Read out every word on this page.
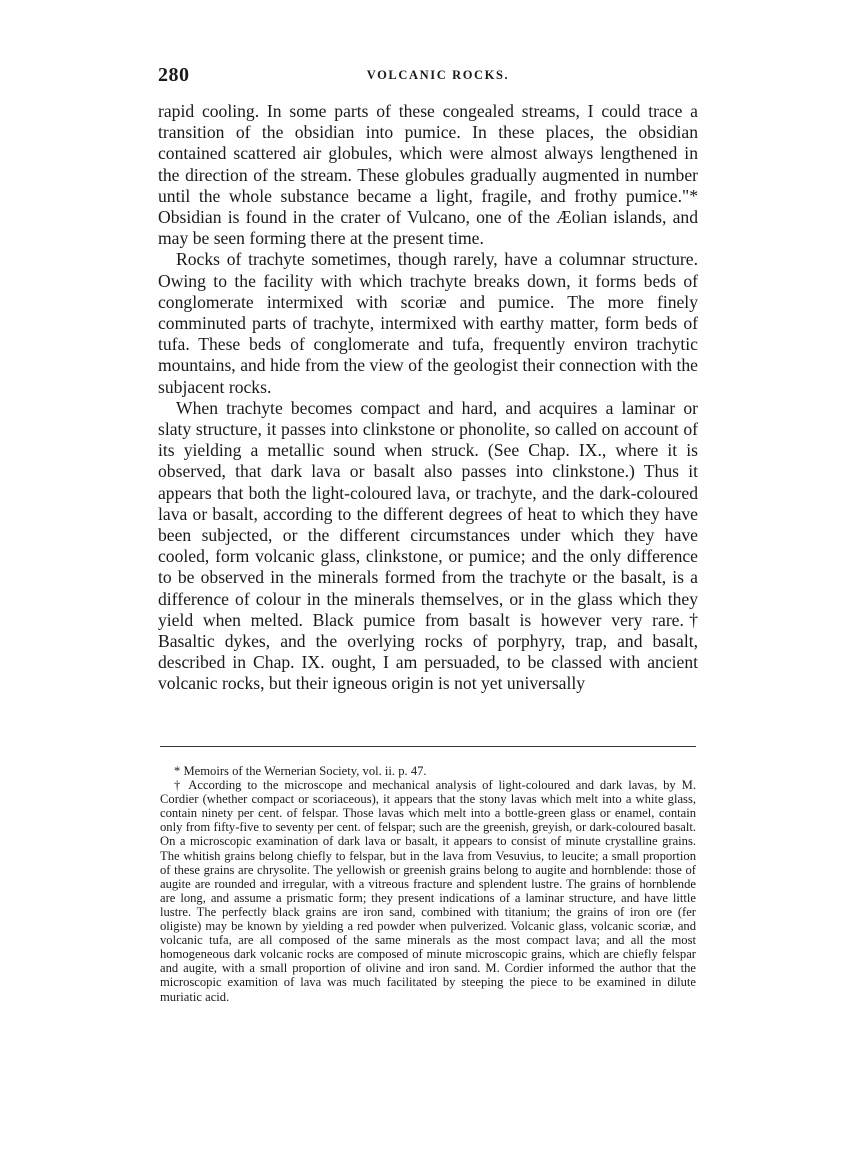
280	VOLCANIC ROCKS.

rapid cooling. In some parts of these congealed streams, I could trace a transition of the obsidian into pumice. In these places, the obsidian contained scattered air globules, which were almost always lengthened in the direction of the stream. These globules gradually augmented in number until the whole substance became a light, fragile, and frothy pumice."* Obsidian is found in the crater of Vulcano, one of the Æolian islands, and may be seen forming there at the present time.

Rocks of trachyte sometimes, though rarely, have a columnar structure. Owing to the facility with which trachyte breaks down, it forms beds of conglomerate intermixed with scoriæ and pumice. The more finely comminuted parts of trachyte, intermixed with earthy matter, form beds of tufa. These beds of conglomerate and tufa, frequently environ trachytic mountains, and hide from the view of the geologist their connection with the subjacent rocks.

When trachyte becomes compact and hard, and acquires a laminar or slaty structure, it passes into clinkstone or phonolite, so called on account of its yielding a metallic sound when struck. (See Chap. IX., where it is observed, that dark lava or basalt also passes into clinkstone.) Thus it appears that both the light-coloured lava, or trachyte, and the dark-coloured lava or basalt, according to the different degrees of heat to which they have been subjected, or the different circumstances under which they have cooled, form volcanic glass, clinkstone, or pumice; and the only difference to be observed in the minerals formed from the trachyte or the basalt, is a difference of colour in the minerals themselves, or in the glass which they yield when melted. Black pumice from basalt is however very rare.† Basaltic dykes, and the overlying rocks of porphyry, trap, and basalt, described in Chap. IX. ought, I am persuaded, to be classed with ancient volcanic rocks, but their igneous origin is not yet universally

* Memoirs of the Wernerian Society, vol. ii. p. 47.

† According to the microscope and mechanical analysis of light-coloured and dark lavas, by M. Cordier (whether compact or scoriaceous), it appears that the stony lavas which melt into a white glass, contain ninety per cent. of felspar. Those lavas which melt into a bottle-green glass or enamel, contain only from fifty-five to seventy per cent. of felspar; such are the greenish, greyish, or dark-coloured basalt. On a microscopic examination of dark lava or basalt, it appears to consist of minute crystalline grains. The whitish grains belong chiefly to felspar, but in the lava from Vesuvius, to leucite; a small proportion of these grains are chrysolite. The yellowish or greenish grains belong to augite and hornblende: those of augite are rounded and irregular, with a vitreous fracture and splendent lustre. The grains of hornblende are long, and assume a prismatic form; they present indications of a laminar structure, and have little lustre. The perfectly black grains are iron sand, combined with titanium; the grains of iron ore (fer oligiste) may be known by yielding a red powder when pulverized. Volcanic glass, volcanic scoriæ, and volcanic tufa, are all composed of the same minerals as the most compact lava; and all the most homogeneous dark volcanic rocks are composed of minute microscopic grains, which are chiefly felspar and augite, with a small proportion of olivine and iron sand. M. Cordier informed the author that the microscopic examition of lava was much facilitated by steeping the piece to be examined in dilute muriatic acid.
